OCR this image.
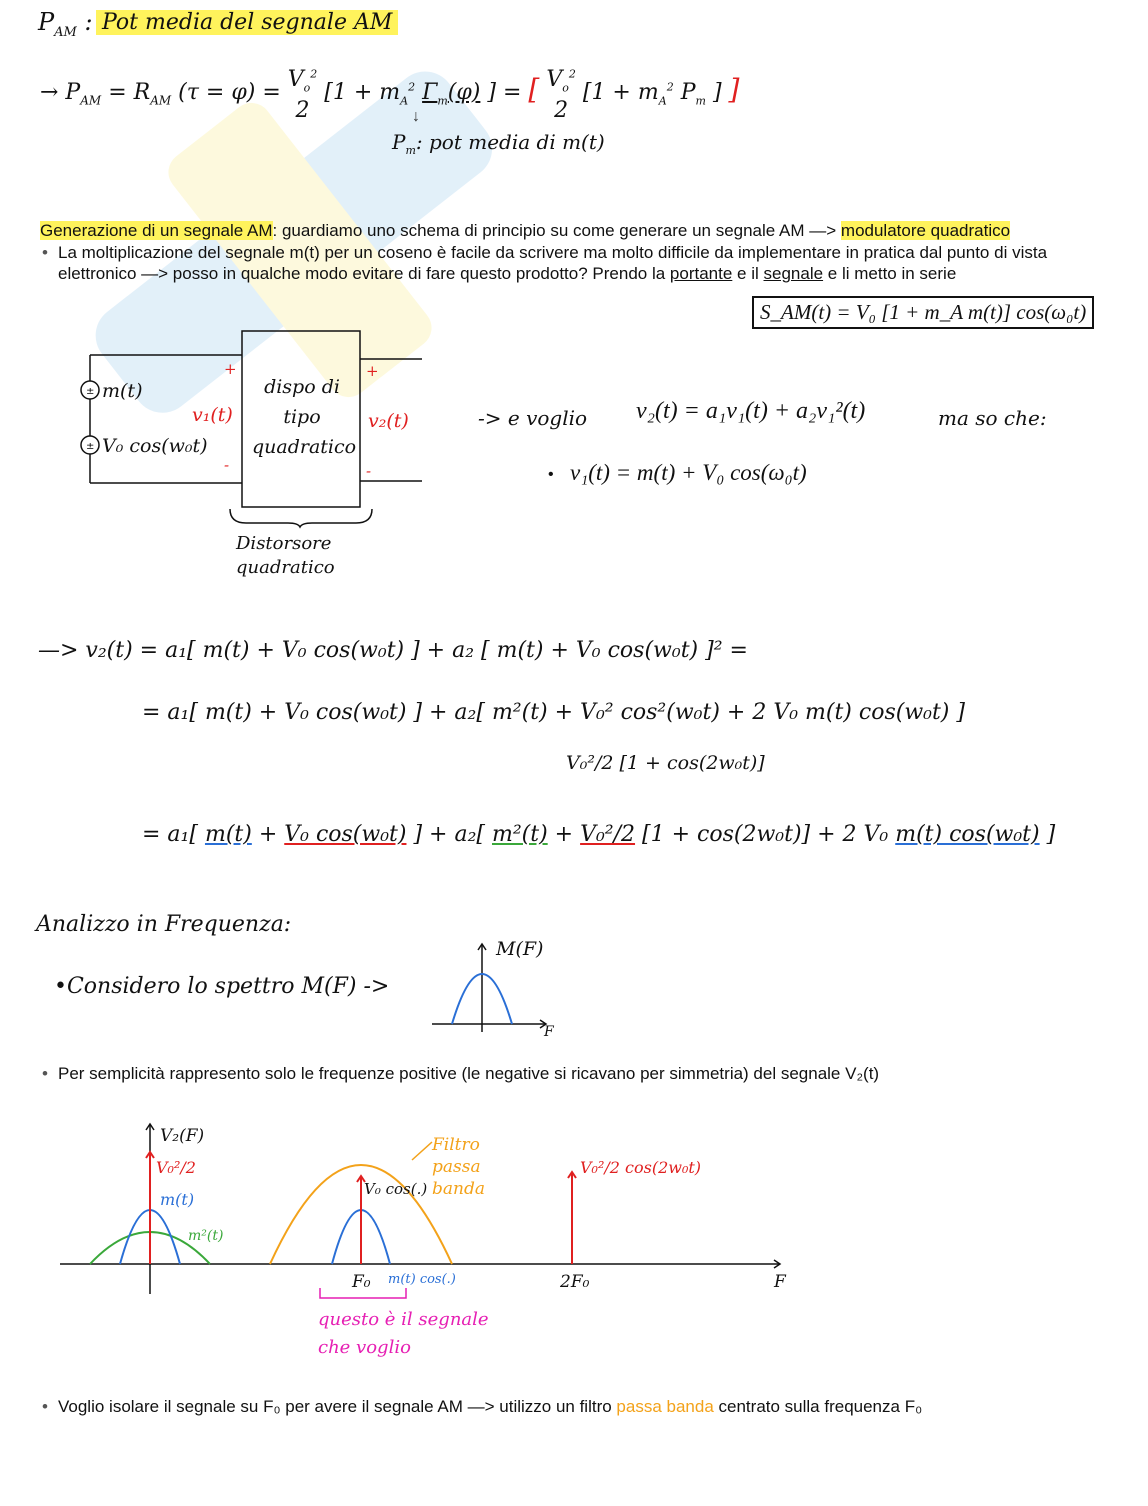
$P_{AM}$ : Pot media del segnale AM
→ $P_{AM} = R_{AM}$ $(\tau = \varphi) = V_o^2$
2 [$1 + m_A^2$ $\Gamma_m(\varphi)$ ] = [ $V_o^2$
2 [$1 + m_A^2$ $P_m$ ] ]
↓
$P_m$: pot media di m(t)
Generazione di un segnale AM: guardiamo uno schema di principio su come generare un segnale AM —> modulatore quadratico
• La moltiplicazione del segnale m(t) per un coseno è facile da scrivere ma molto difficile da implementare in pratica dal punto di vista
elettronico —> posso in qualche modo evitare di fare questo prodotto? Prendo la portante e il segnale e li metto in serie
S_AM(t) = V₀ [1 + m_A m(t)] cos(ω₀t)
±
±
m(t)
V₀ cos(w₀t)
+
v₁(t)
-
dispo di
tipo
quadratico
+
v₂(t)
-
Distorsore
quadratico
-> e voglio v₂(t) = a₁v₁(t) + a₂v₁²(t)	ma so che:
• v₁(t) = m(t) + V₀ cos(ω₀t)
—> v₂(t) = a₁[ m(t) + V₀ cos(w₀t) ] + a₂ [ m(t) + V₀ cos(w₀t) ]² =
= a₁[ m(t) + V₀ cos(w₀t) ] + a₂[ m²(t) + V₀² cos²(w₀t) + 2 V₀ m(t) cos(w₀t) ]
V₀²/2 [1 + cos(2w₀t)]
= a₁[ m(t) + V₀ cos(w₀t) ] + a₂[ m²(t) + V₀²/2 [1 + cos(2w₀t)] + 2 V₀ m(t) cos(w₀t) ]
Analizzo in Frequenza:
•Considero lo spettro M(F) ->
M(F)
F
• Per semplicità rappresento solo le frequenze positive (le negative si ricavano per simmetria) del segnale V₂(t)
V₂(F)
V₀²/2
m(t)
m²(t)
V₀ cos(.)
Filtro
passa
banda
V₀²/2 cos(2w₀t)
F₀ m(t) cos(.)	2F₀	F
questo è il segnale
che voglio
• Voglio isolare il segnale su F₀ per avere il segnale AM —> utilizzo un filtro passa banda centrato sulla frequenza F₀
